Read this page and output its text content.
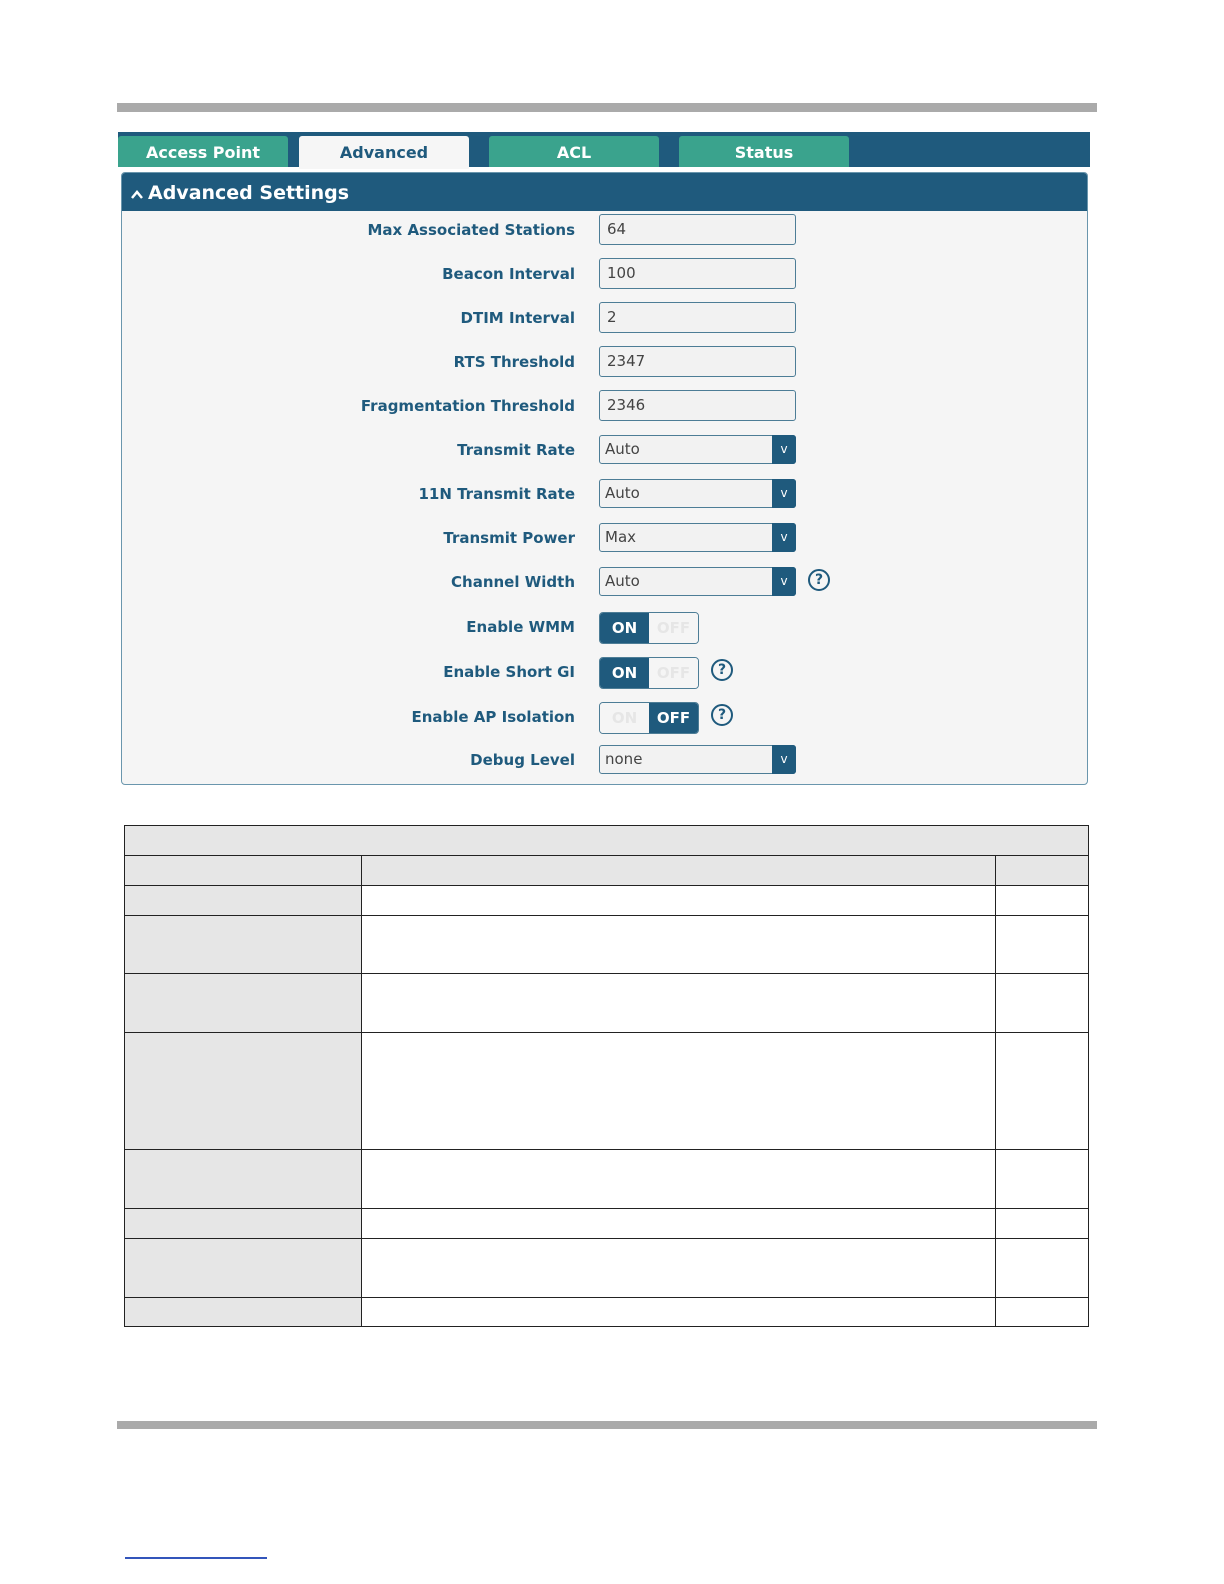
Access Point	Advanced	ACL	Status
Advanced Settings
Max Associated Stations	64
Beacon Interval	100
DTIM Interval	2
RTS Threshold	2347
Fragmentation Threshold	2346
Transmit Rate	Auto	v
11N Transmit Rate	Auto	v
Transmit Power	Max	v
Channel Width	Auto	v	?
Enable WMM	ON	OFF
Enable Short GI	ON	OFF	?
Enable AP Isolation	ON	OFF	?
Debug Level	none	v
